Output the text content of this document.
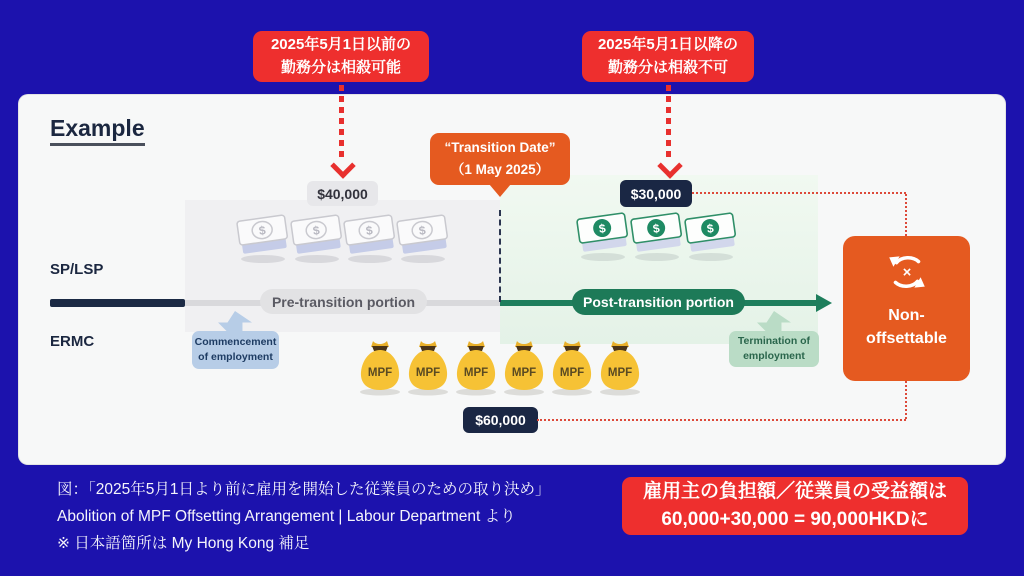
Example
SP/LSP
ERMC
$	$	$	$	$	$	$
$40,000	$30,000
$60,000
Pre-transition portion	Post-transition portion
Commencement
of employment
Termination of
employment
MPF MPF MPF MPF MPF MPF
×
Non-
offsettable
“Transition Date”
（1 May 2025）
2025年5月1日以前の
勤務分は相殺可能
2025年5月1日以降の
勤務分は相殺不可
図：「2025年5月1日より前に雇用を開始した従業員のための取り決め」
Abolition of MPF Offsetting Arrangement | Labour Department より
※ 日本語箇所は My Hong Kong 補足
雇用主の負担額／従業員の受益額は
60,000+30,000 = 90,000HKDに
